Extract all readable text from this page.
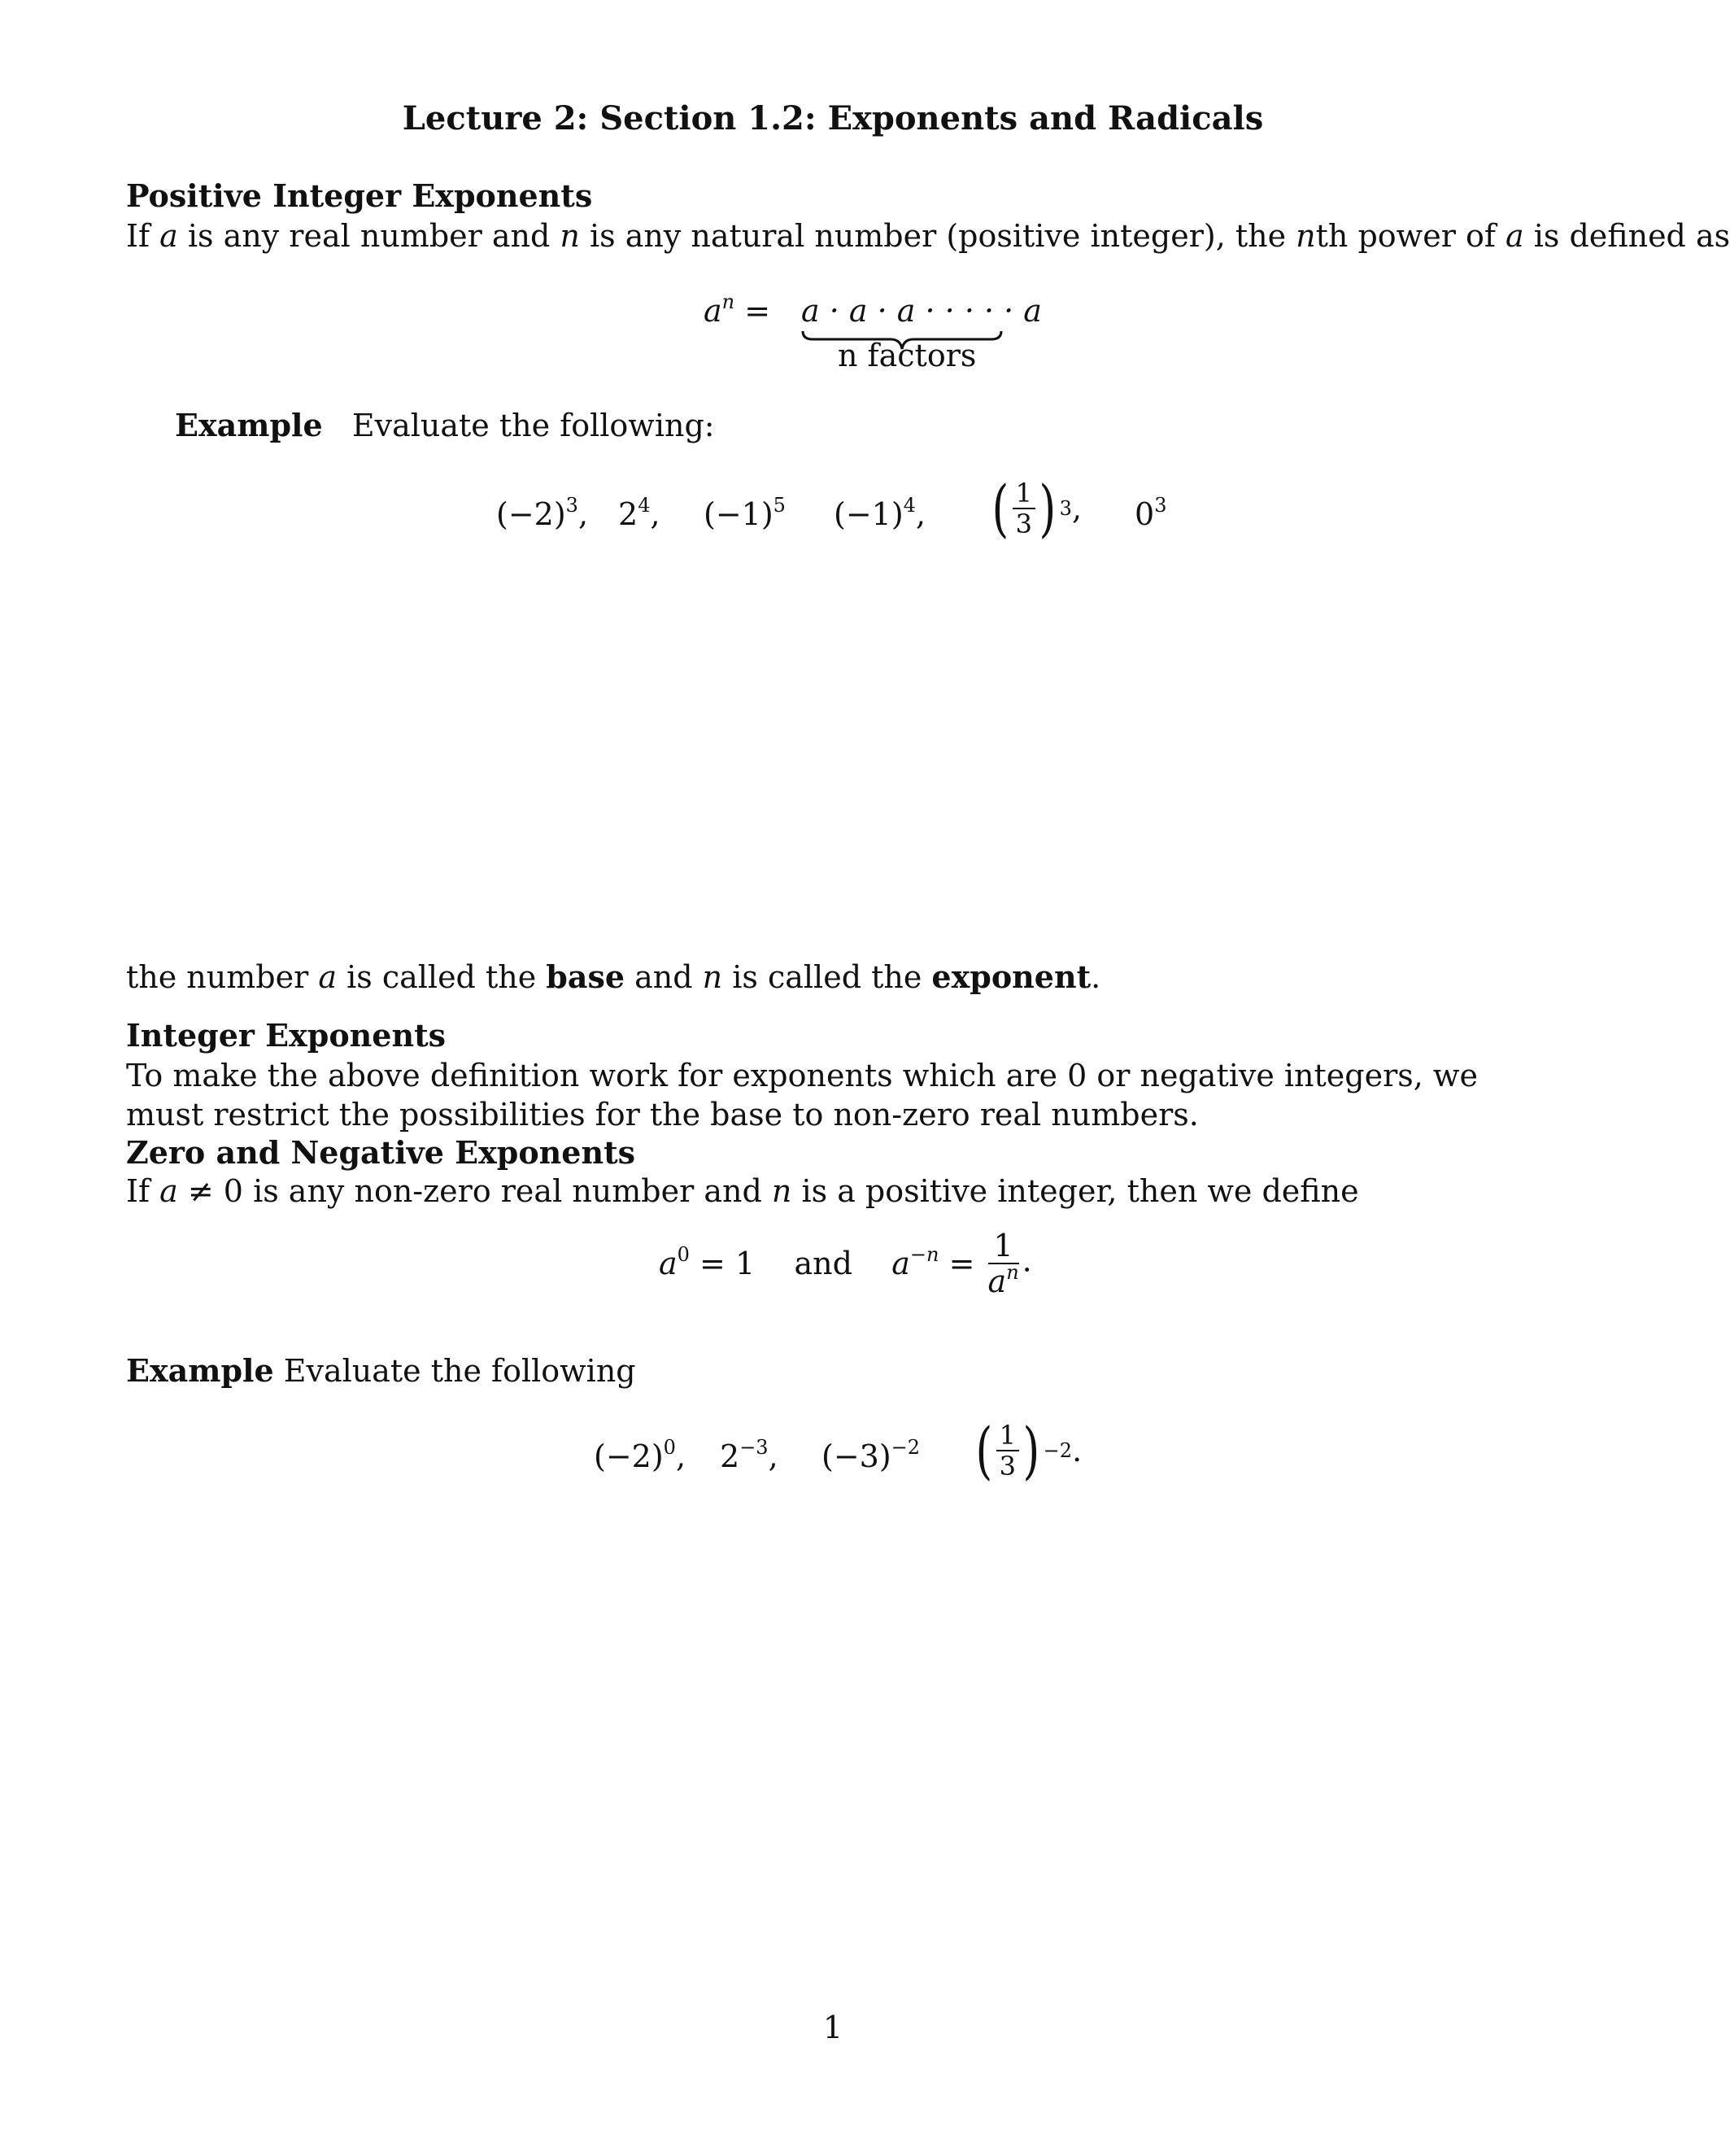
Lecture 2: Section 1.2: Exponents and Radicals
Positive Integer Exponents
If a is any real number and n is any natural number (positive integer), the nth power of a is defined as
$a^n = a \cdot a \cdot a$ · · · · · a
n factors
Example Evaluate the following:
$(-2)^3$, $2^4$, $(-1)^5$ $(-1)^4$, ( $\frac{1}{3}$ ) 3 , $0^3$
the number a is called the base and n is called the exponent.
Integer Exponents
To make the above definition work for exponents which are 0 or negative integers, we must restrict the possibilities for the base to non-zero real numbers.
Zero and Negative Exponents
If a ≠ 0 is any non-zero real number and n is a positive integer, then we define
$a^0 = 1$ and $a^{-n} = \frac{1}{a^n}$ .
Example Evaluate the following
$(-2)^0$, $2^{-3}$, $(-3)^{-2}$ ( $\frac{1}{3}$ ) −2 .
1
